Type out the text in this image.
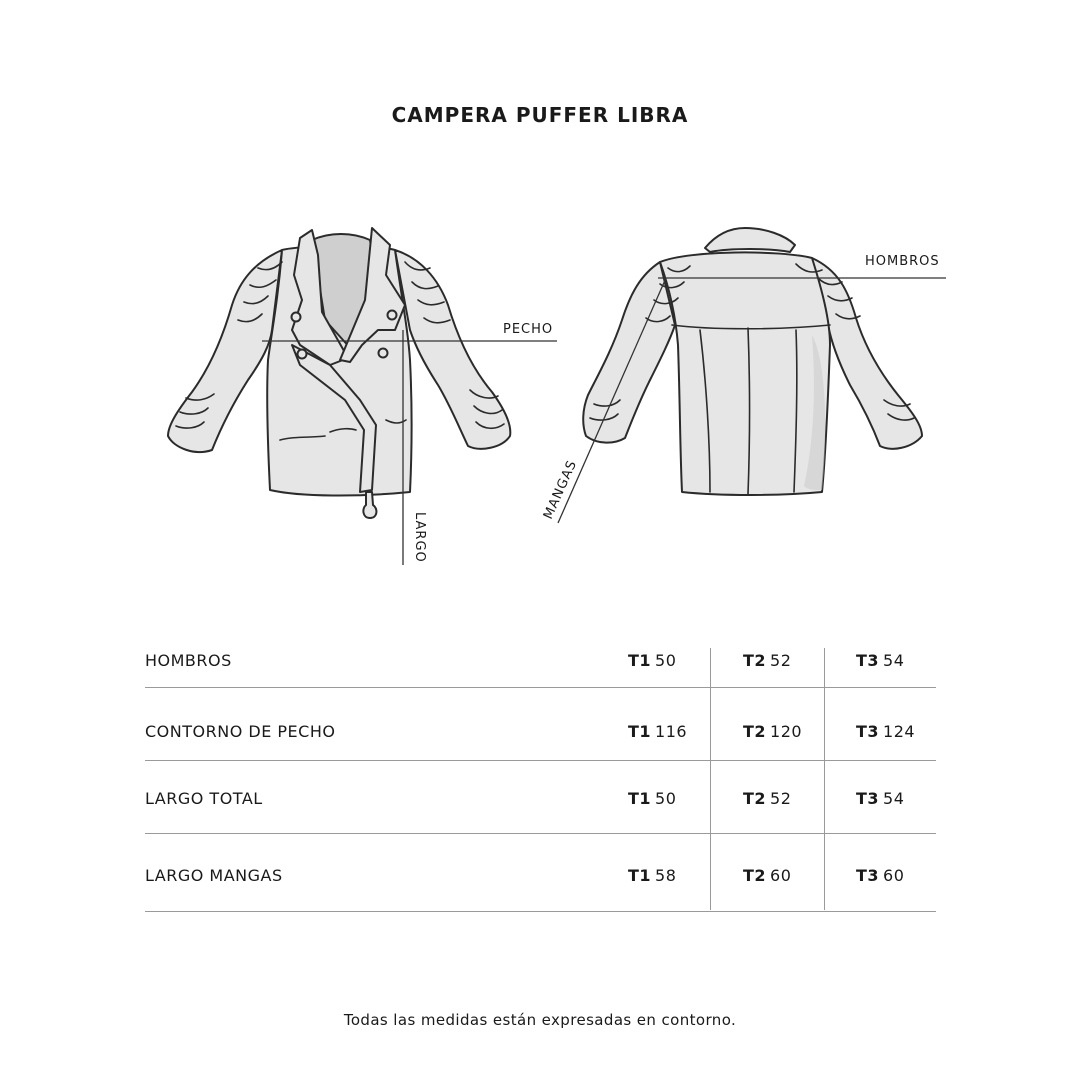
CAMPERA PUFFER LIBRA
PECHO
HOMBROS
LARGO
MANGAS
HOMBROS	T1 50	T2 52	T3 54
CONTORNO DE PECHO	T1 116	T2 120	T3 124
LARGO TOTAL	T1 50	T2 52	T3 54
LARGO MANGAS	T1 58	T2 60	T3 60
Todas las medidas están expresadas en contorno.
